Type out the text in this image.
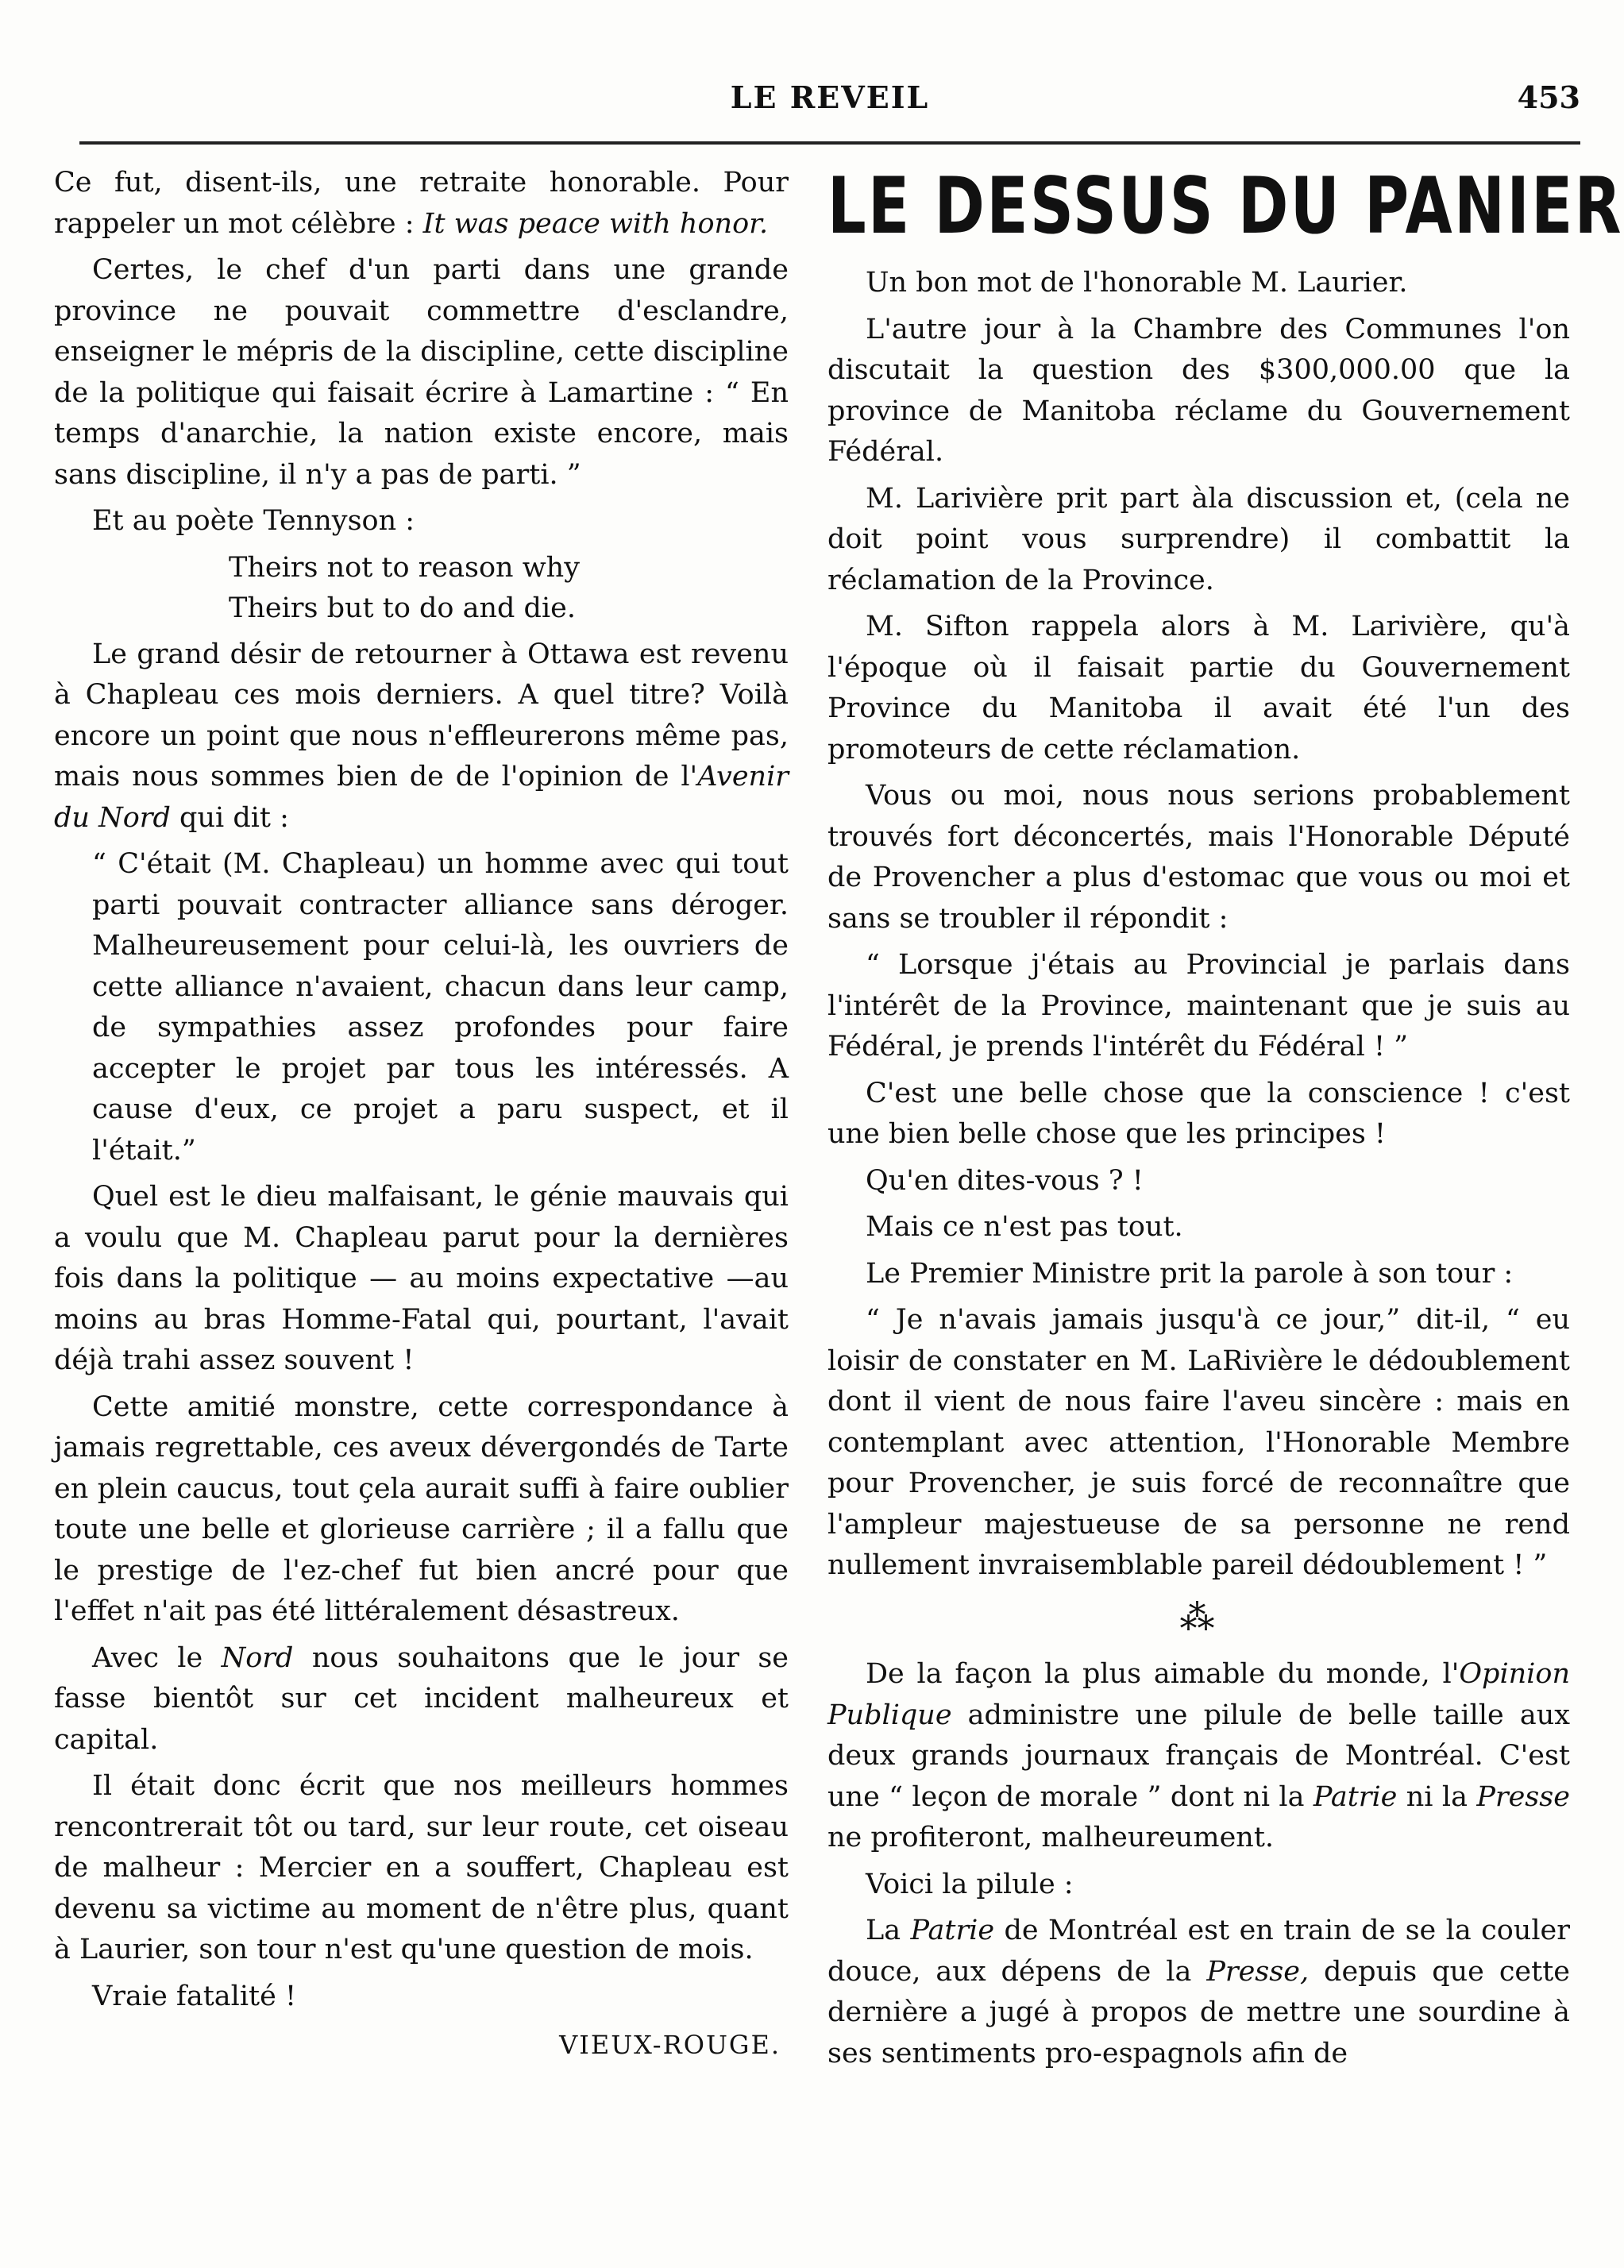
LE REVEIL	453

Ce fut, disent-ils, une retraite honorable. Pour rappeler un mot célèbre : It was peace with honor.

Certes, le chef d'un parti dans une grande province ne pouvait commettre d'esclandre, enseigner le mépris de la discipline, cette discipline de la politique qui faisait écrire à Lamartine : “ En temps d'anarchie, la nation existe encore, mais sans discipline, il n'y a pas de parti. ”

Et au poète Tennyson :

Theirs not to reason why
Theirs but to do and die.

Le grand désir de retourner à Ottawa est revenu à Chapleau ces mois derniers. A quel titre? Voilà encore un point que nous n'effleurerons même pas, mais nous sommes bien de de l'opinion de l'Avenir du Nord qui dit :

“ C'était (M. Chapleau) un homme avec qui tout parti pouvait contracter alliance sans déroger. Malheureusement pour celui-là, les ouvriers de cette alliance n'avaient, chacun dans leur camp, de sympathies assez profondes pour faire accepter le projet par tous les intéressés. A cause d'eux, ce projet a paru suspect, et il l'était.”

Quel est le dieu malfaisant, le génie mauvais qui a voulu que M. Chapleau parut pour la dernières fois dans la politique — au moins expectative —au moins au bras Homme-Fatal qui, pourtant, l'avait déjà trahi assez souvent !

Cette amitié monstre, cette correspondance à jamais regrettable, ces aveux dévergondés de Tarte en plein caucus, tout çela aurait suffi à faire oublier toute une belle et glorieuse carrière ; il a fallu que le prestige de l'ez-chef fut bien ancré pour que l'effet n'ait pas été littéralement désastreux.

Avec le Nord nous souhaitons que le jour se fasse bientôt sur cet incident malheureux et capital.

Il était donc écrit que nos meilleurs hommes rencontrerait tôt ou tard, sur leur route, cet oiseau de malheur : Mercier en a souffert, Chapleau est devenu sa victime au moment de n'être plus, quant à Laurier, son tour n'est qu'une question de mois.

Vraie fatalité !

VIEUX-ROUGE.
LE DESSUS DU PANIER

Un bon mot de l'honorable M. Laurier.

L'autre jour à la Chambre des Communes l'on discutait la question des $300,000.00 que la province de Manitoba réclame du Gouvernement Fédéral.

M. Larivière prit part àla discussion et, (cela ne doit point vous surprendre) il combattit la réclamation de la Province.

M. Sifton rappela alors à M. Larivière, qu'à l'époque où il faisait partie du Gouvernement Province du Manitoba il avait été l'un des promoteurs de cette réclamation.

Vous ou moi, nous nous serions probablement trouvés fort déconcertés, mais l'Honorable Député de Provencher a plus d'estomac que vous ou moi et sans se troubler il répondit :

“ Lorsque j'étais au Provincial je parlais dans l'intérêt de la Province, maintenant que je suis au Fédéral, je prends l'intérêt du Fédéral ! ”

C'est une belle chose que la conscience ! c'est une bien belle chose que les principes !

Qu'en dites-vous ? !

Mais ce n'est pas tout.

Le Premier Ministre prit la parole à son tour :

“ Je n'avais jamais jusqu'à ce jour,” dit-il, “ eu loisir de constater en M. LaRivière le dédoublement dont il vient de nous faire l'aveu sincère : mais en contemplant avec attention, l'Honorable Membre pour Provencher, je suis forcé de reconnaître que l'ampleur majestueuse de sa personne ne rend nullement invraisemblable pareil dédoublement ! ”

⁂

De la façon la plus aimable du monde, l'Opinion Publique administre une pilule de belle taille aux deux grands journaux français de Montréal. C'est une “ leçon de morale ” dont ni la Patrie ni la Presse ne profiteront, malheureument.

Voici la pilule :

La Patrie de Montréal est en train de se la couler douce, aux dépens de la Presse, depuis que cette dernière a jugé à propos de mettre une sourdine à ses sentiments pro-espagnols afin de
